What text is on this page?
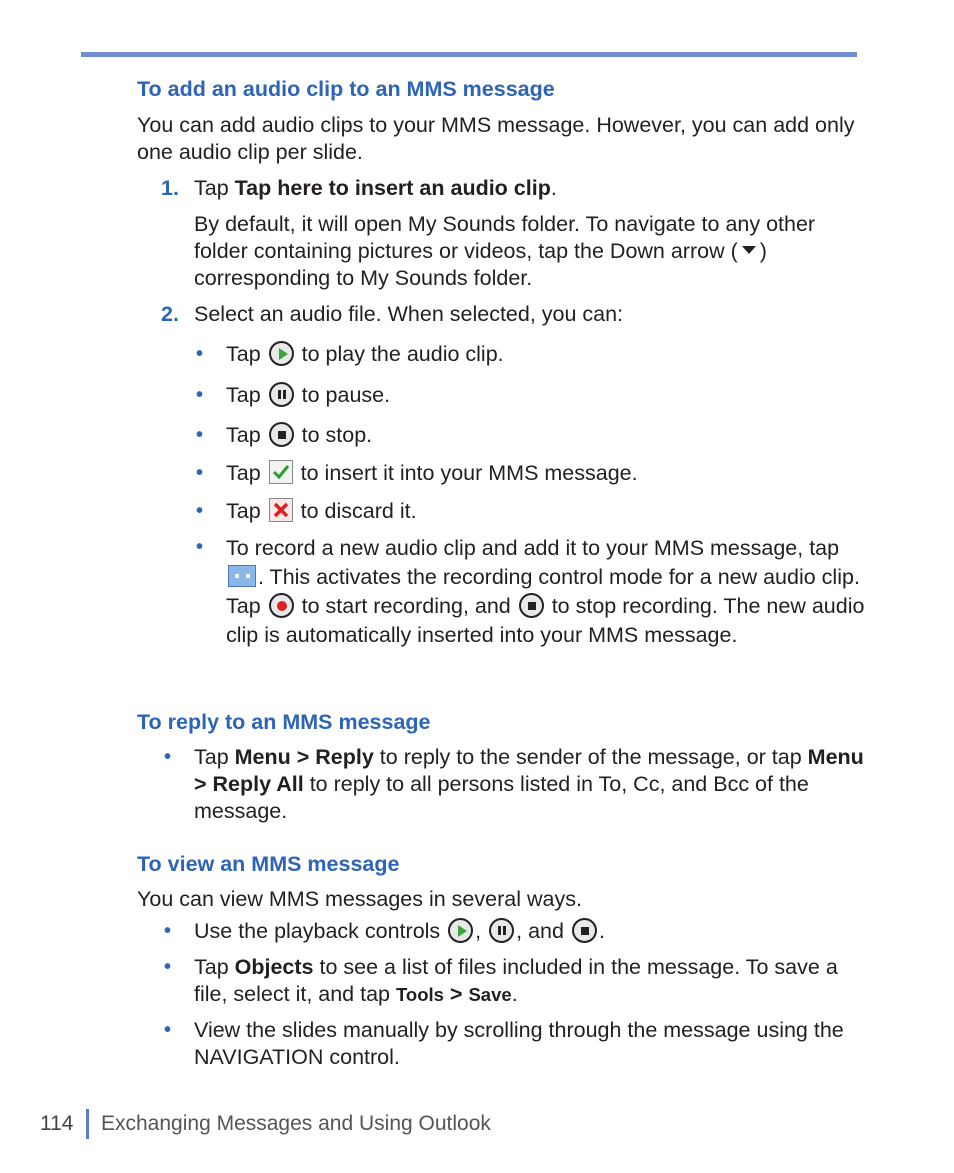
To add an audio clip to an MMS message
You can add audio clips to your MMS message. However, you can add only one audio clip per slide.
1. Tap Tap here to insert an audio clip.
By default, it will open My Sounds folder. To navigate to any other folder containing pictures or videos, tap the Down arrow ( ) corresponding to My Sounds folder.
2. Select an audio file. When selected, you can:
• Tap to play the audio clip.
• Tap to pause.
• Tap to stop.
• Tap to insert it into your MMS message.
• Tap to discard it.
• To record a new audio clip and add it to your MMS message, tap
. This activates the recording control mode for a new audio clip. Tap
to start recording, and
to stop recording. The new audio clip is automatically inserted into your MMS message.
To reply to an MMS message
• Tap Menu > Reply to reply to the sender of the message, or tap Menu > Reply All to reply to all persons listed in To, Cc, and Bcc of the message.
To view an MMS message
You can view MMS messages in several ways.
• Use the playback controls
, , and .
• Tap Objects to see a list of files included in the message. To save a file, select it, and tap Tools > Save.
• View the slides manually by scrolling through the message using the NAVIGATION control.
114 Exchanging Messages and Using Outlook
